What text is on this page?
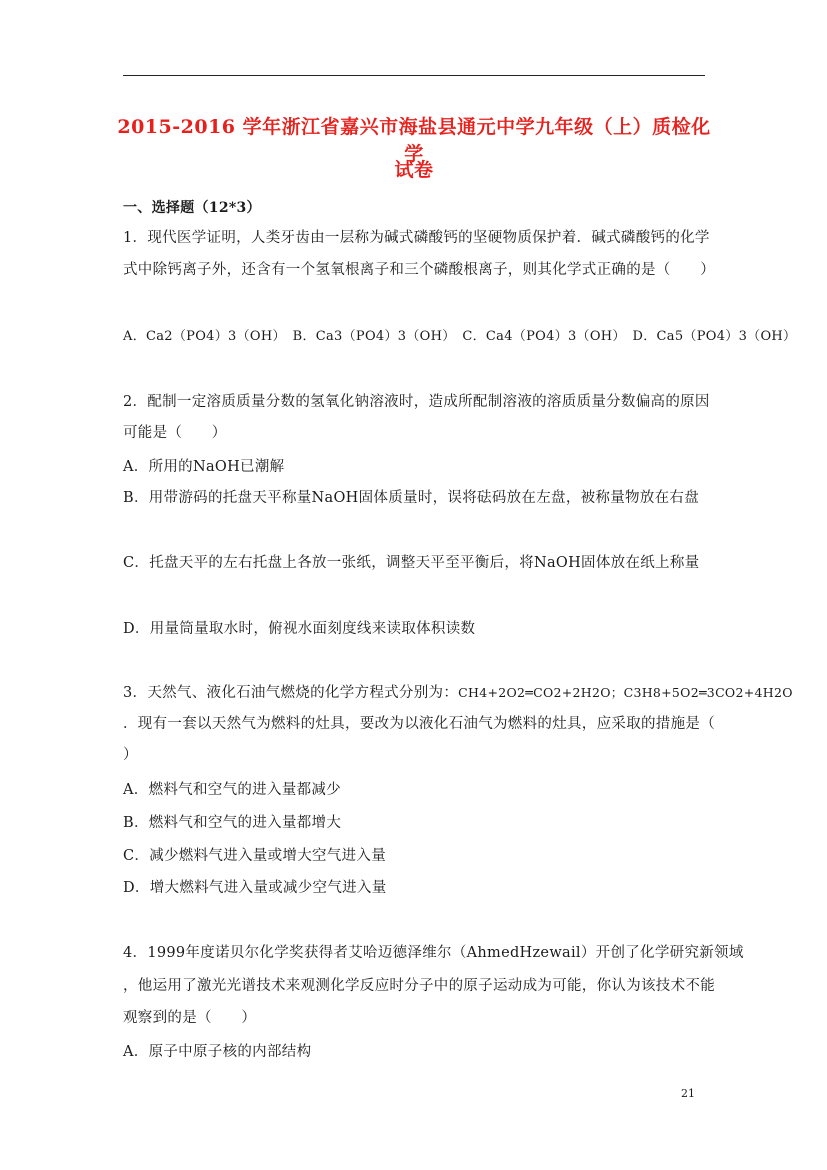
2015-2016 学年浙江省嘉兴市海盐县通元中学九年级（上）质检化学
试卷
一、选择题（12*3）
1．现代医学证明，人类牙齿由一层称为碱式磷酸钙的坚硬物质保护着．碱式磷酸钙的化学
式中除钙离子外，还含有一个氢氧根离子和三个磷酸根离子，则其化学式正确的是（　　）
A．Ca2（PO4）3（OH）　B．Ca3（PO4）3（OH）　C．Ca4（PO4）3（OH）　D．Ca5（PO4）3（OH）
2．配制一定溶质质量分数的氢氧化钠溶液时，造成所配制溶液的溶质质量分数偏高的原因
可能是（　　）
A．所用的NaOH已潮解
B．用带游码的托盘天平称量NaOH固体质量时，误将砝码放在左盘，被称量物放在右盘
C．托盘天平的左右托盘上各放一张纸，调整天平至平衡后，将NaOH固体放在纸上称量
D．用量筒量取水时，俯视水面刻度线来读取体积读数
3．天然气、液化石油气燃烧的化学方程式分别为：CH4+2O2═CO2+2H2O；C3H8+5O2═3CO2+4H2O
．现有一套以天然气为燃料的灶具，要改为以液化石油气为燃料的灶具，应采取的措施是（
）
A．燃料气和空气的进入量都减少
B．燃料气和空气的进入量都增大
C．减少燃料气进入量或增大空气进入量
D．增大燃料气进入量或减少空气进入量
4．1999年度诺贝尔化学奖获得者艾哈迈德泽维尔（AhmedHzewail）开创了化学研究新领域
，他运用了激光光谱技术来观测化学反应时分子中的原子运动成为可能，你认为该技术不能
观察到的是（　　）
A．原子中原子核的内部结构
21
